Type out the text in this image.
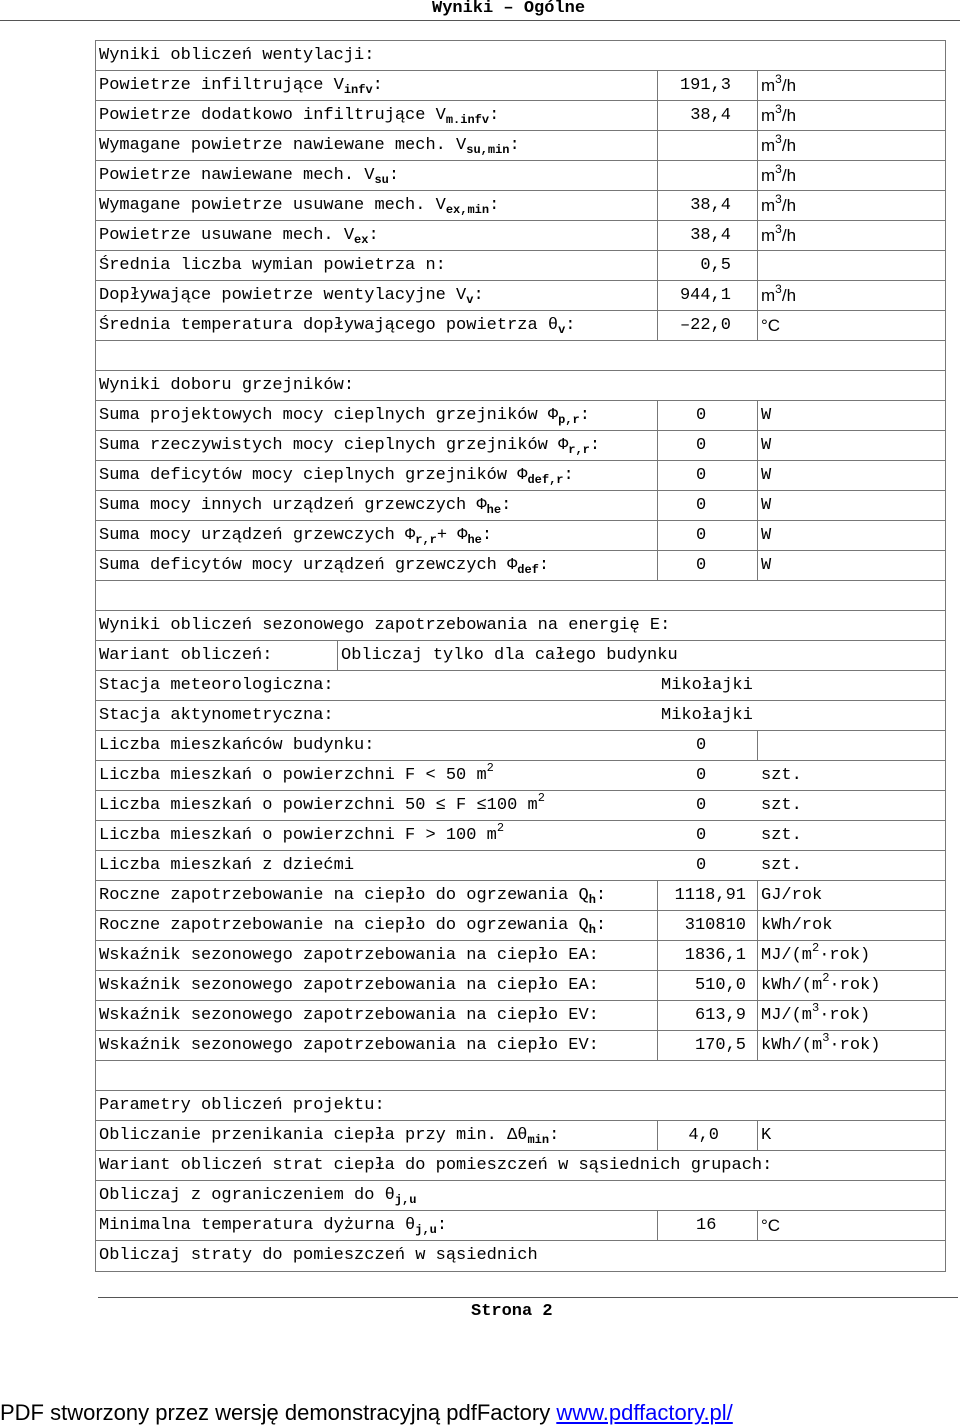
Wyniki – Ogólne
Wyniki obliczeń wentylacji:
Powietrze infiltrujące $V_{infv}$:	191,3 $m^3/h$
Powietrze dodatkowo infiltrujące $V_{m.infv}$:	38,4 $m^3/h$
Wymagane powietrze nawiewane mech. $V_{su,min}$:	$m^3/h$
Powietrze nawiewane mech. $V_{su}$:	$m^3/h$
Wymagane powietrze usuwane mech. $V_{ex,min}$:	38,4 $m^3/h$
Powietrze usuwane mech. $V_{ex}$:	38,4 $m^3/h$
Średnia liczba wymian powietrza n:	0,5
Dopływające powietrze wentylacyjne $V_v$:	944,1 $m^3/h$
Średnia temperatura dopływającego powietrza $\theta_v$:	–22,0 °C
Wyniki doboru grzejników:
Suma projektowych mocy cieplnych grzejników $\Phi_{p,r}$:	0	W
Suma rzeczywistych mocy cieplnych grzejników $\Phi_{r,r}$:	0	W
Suma deficytów mocy cieplnych grzejników $\Phi_{def,r}$:	0	W
Suma mocy innych urządzeń grzewczych $\Phi_{he}$:	0	W
Suma mocy urządzeń grzewczych $\Phi_{r,r}+ \Phi_{he}$:	0	W
Suma deficytów mocy urządzeń grzewczych $\Phi_{def}$:	0	W
Wyniki obliczeń sezonowego zapotrzebowania na energię E:
Wariant obliczeń:	Obliczaj tylko dla całego budynku
Stacja meteorologiczna:	Mikołajki
Stacja aktynometryczna:	Mikołajki
Liczba mieszkańców budynku:	0
Liczba mieszkań o powierzchni F < 50 $m^2$	0	szt.
Liczba mieszkań o powierzchni 50 ≤ F ≤100 $m^2$	0	szt.
Liczba mieszkań o powierzchni F > 100 $m^2$	0	szt.
Liczba mieszkań z dziećmi	0	szt.
Roczne zapotrzebowanie na ciepło do ogrzewania $Q_h$:	1118,91 GJ/rok
Roczne zapotrzebowanie na ciepło do ogrzewania $Q_h$:	310810 kWh/rok
Wskaźnik sezonowego zapotrzebowania na ciepło EA:	1836,1 $MJ/(m^2\cdot rok)$
Wskaźnik sezonowego zapotrzebowania na ciepło EA:	510,0 kWh/$(m^2\cdot rok)$
Wskaźnik sezonowego zapotrzebowania na ciepło EV:	613,9 $MJ/(m^3\cdot rok)$
Wskaźnik sezonowego zapotrzebowania na ciepło EV:	170,5 kWh/$(m^3\cdot rok)$
Parametry obliczeń projektu:
Obliczanie przenikania ciepła przy min. $\Delta\theta_{min}$:	4,0 K
Wariant obliczeń strat ciepła do pomieszczeń w sąsiednich grupach:
Obliczaj z ograniczeniem do $\theta_{j,u}$
Minimalna temperatura dyżurna $\theta_{j,u}$:	16	°C
Obliczaj straty do pomieszczeń w sąsiednich
Strona 2
PDF stworzony przez wersję demonstracyjną pdfFactory www.pdffactory.pl/
